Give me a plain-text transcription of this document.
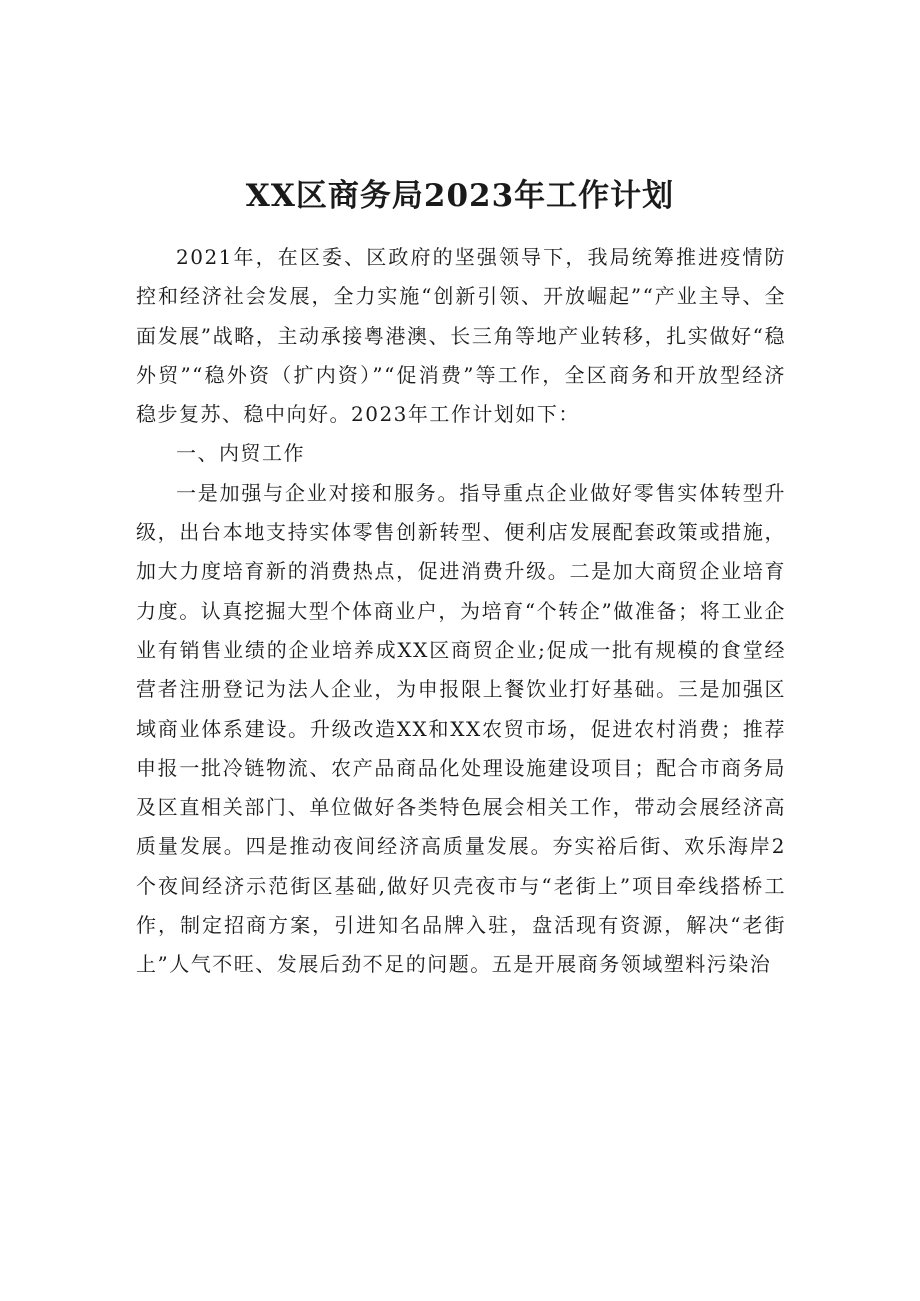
XX区商务局2023年工作计划

2021年，在区委、区政府的坚强领导下，我局统筹推进疫情防控和经济社会发展，全力实施“创新引领、开放崛起”“产业主导、全面发展”战略，主动承接粤港澳、长三角等地产业转移，扎实做好“稳外贸”“稳外资（扩内资）”“促消费”等工作，全区商务和开放型经济稳步复苏、稳中向好。2023年工作计划如下：

一、内贸工作

一是加强与企业对接和服务。指导重点企业做好零售实体转型升级，出台本地支持实体零售创新转型、便利店发展配套政策或措施，加大力度培育新的消费热点，促进消费升级。二是加大商贸企业培育力度。认真挖掘大型个体商业户，为培育“个转企”做准备；将工业企业有销售业绩的企业培养成XX区商贸企业;促成一批有规模的食堂经营者注册登记为法人企业，为申报限上餐饮业打好基础。三是加强区域商业体系建设。升级改造XX和XX农贸市场，促进农村消费；推荐申报一批冷链物流、农产品商品化处理设施建设项目；配合市商务局及区直相关部门、单位做好各类特色展会相关工作，带动会展经济高质量发展。四是推动夜间经济高质量发展。夯实裕后街、欢乐海岸2个夜间经济示范街区基础,做好贝壳夜市与“老街上”项目牵线搭桥工作，制定招商方案，引进知名品牌入驻，盘活现有资源，解决“老街上”人气不旺、发展后劲不足的问题。五是开展商务领域塑料污染治
